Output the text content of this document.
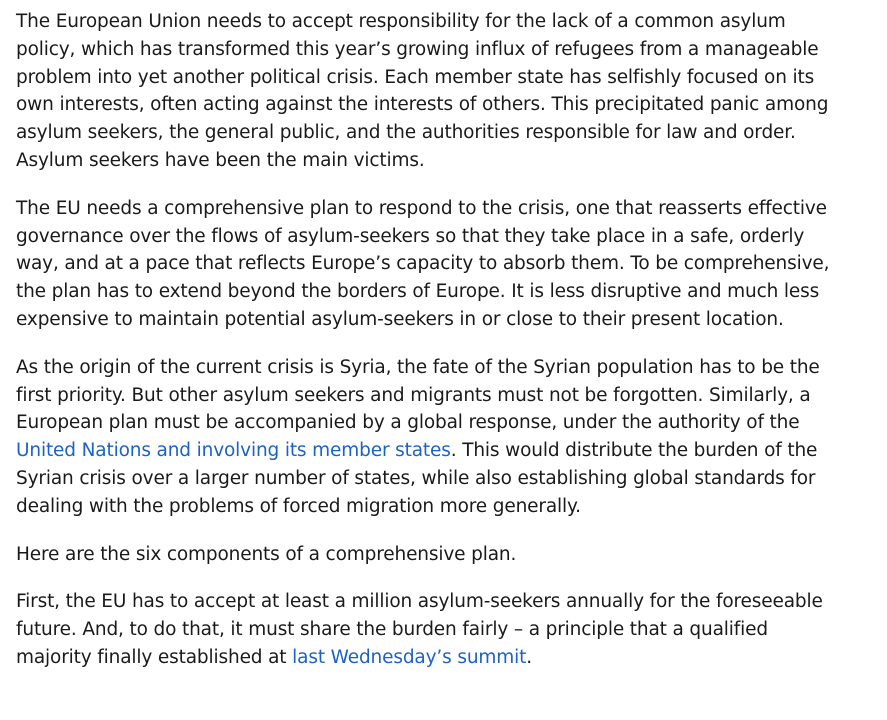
The European Union needs to accept responsibility for the lack of a common asylum policy, which has transformed this year’s growing influx of refugees from a manageable problem into yet another political crisis. Each member state has selfishly focused on its own interests, often acting against the interests of others. This precipitated panic among asylum seekers, the general public, and the authorities responsible for law and order. Asylum seekers have been the main victims.

The EU needs a comprehensive plan to respond to the crisis, one that reasserts effective governance over the flows of asylum-seekers so that they take place in a safe, orderly way, and at a pace that reflects Europe’s capacity to absorb them. To be comprehensive, the plan has to extend beyond the borders of Europe. It is less disruptive and much less expensive to maintain potential asylum-seekers in or close to their present location.

As the origin of the current crisis is Syria, the fate of the Syrian population has to be the first priority. But other asylum seekers and migrants must not be forgotten. Similarly, a European plan must be accompanied by a global response, under the authority of the United Nations and involving its member states. This would distribute the burden of the Syrian crisis over a larger number of states, while also establishing global standards for dealing with the problems of forced migration more generally.

Here are the six components of a comprehensive plan.

First, the EU has to accept at least a million asylum-seekers annually for the foreseeable future. And, to do that, it must share the burden fairly – a principle that a qualified majority finally established at last Wednesday’s summit.
